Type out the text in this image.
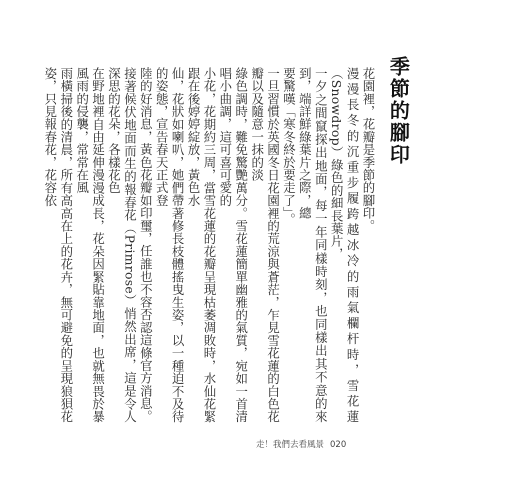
季節的腳印

花園裡，花瓣是季節的腳印。
漫漫長冬的沉重步履跨越冰冷的雨氣欄杆時，雪花蓮（Snowdrop）綠色的細長葉片，
一夕之間竄探出地面，每一年同樣時刻，也同樣出其不意的來到，端詳鮮綠葉片之際，總
要驚嘆「寒冬終於要走了」。

一旦習慣於英國冬日花園裡的荒涼與蒼茫，乍見雪花蓮的白色花瓣以及隨意一抹的淡
綠色調時，難免驚艷萬分。雪花蓮簡單幽雅的氣質，宛如一首清唱小曲調，這可喜可愛的
小花，花期約三周，當雪花蓮的花瓣呈現枯萎凋敗時，水仙花緊跟在後婷婷綻放，黃色水
仙，花狀如喇叭，她們帶著修長枝體搖曳生姿，以一種迫不及待的姿態，宣告春天正式登
陸的好消息，黃色花瓣如印璽，任誰也不容否認這條官方消息。

接著候伏地面而生的報春花（Primrose）悄然出席，這是令人深思的花朵，各樣花色
在野地裡自由延伸漫漫成長，花朵因緊貼靠地面，也就無畏於暴風雨的侵襲，常常在風
雨橫掃後的清晨，所有高高在上的花卉，無可避免的呈現狼狽花姿，只見報春花，花容依

走！我們去看風景 020
